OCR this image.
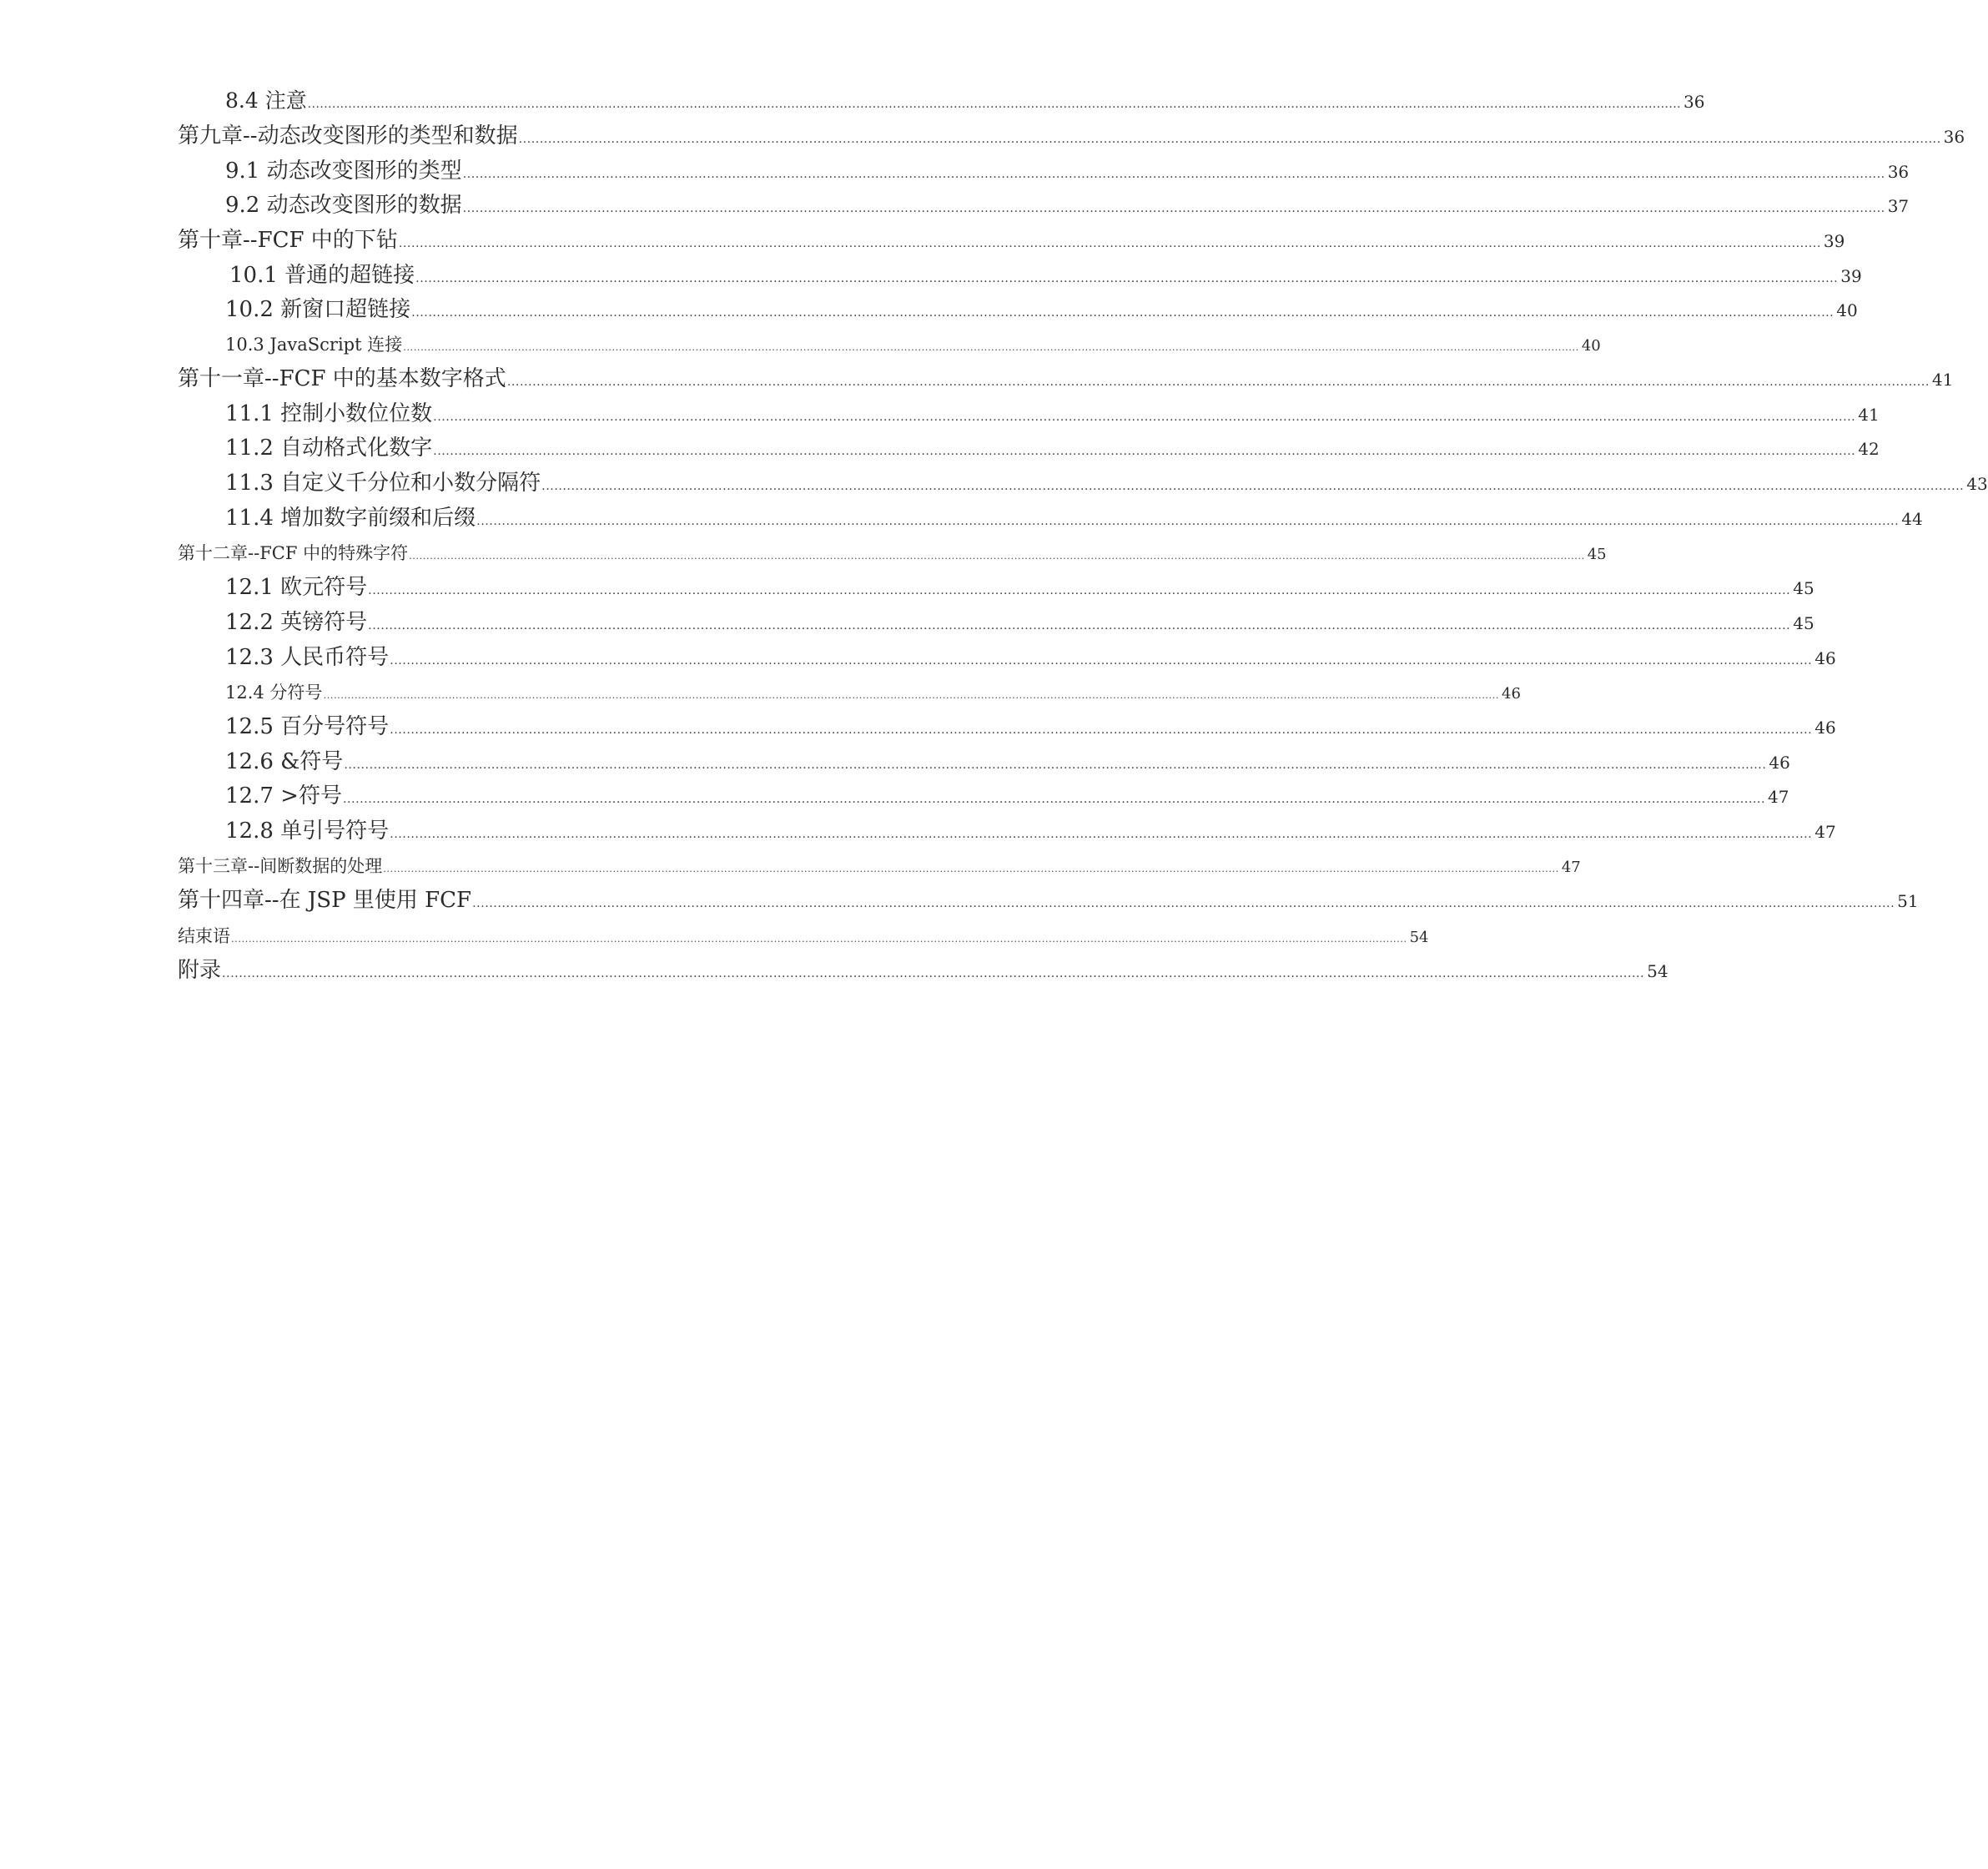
8.4 注意 .................................................................................................................................................................................................................................................................................................................................................. 36
第九章--动态改变图形的类型和数据 .................................................................................................................................................................................................................................................................................................................................................. 36
9.1 动态改变图形的类型 .................................................................................................................................................................................................................................................................................................................................................. 36
9.2 动态改变图形的数据 .................................................................................................................................................................................................................................................................................................................................................. 37
第十章--FCF 中的下钻 .................................................................................................................................................................................................................................................................................................................................................. 39
10.1 普通的超链接 .................................................................................................................................................................................................................................................................................................................................................. 39
10.2 新窗口超链接 .................................................................................................................................................................................................................................................................................................................................................. 40
10.3 JavaScript 连接 .................................................................................................................................................................................................................................................................................................................................................. 40
第十一章--FCF 中的基本数字格式 .................................................................................................................................................................................................................................................................................................................................................. 41
11.1 控制小数位位数 .................................................................................................................................................................................................................................................................................................................................................. 41
11.2 自动格式化数字 .................................................................................................................................................................................................................................................................................................................................................. 42
11.3 自定义千分位和小数分隔符 .................................................................................................................................................................................................................................................................................................................................................. 43
11.4 增加数字前缀和后缀 .................................................................................................................................................................................................................................................................................................................................................. 44
第十二章--FCF 中的特殊字符 .................................................................................................................................................................................................................................................................................................................................................. 45
12.1 欧元符号 .................................................................................................................................................................................................................................................................................................................................................. 45
12.2 英镑符号 .................................................................................................................................................................................................................................................................................................................................................. 45
12.3 人民币符号 .................................................................................................................................................................................................................................................................................................................................................. 46
12.4 分符号 .................................................................................................................................................................................................................................................................................................................................................. 46
12.5 百分号符号 .................................................................................................................................................................................................................................................................................................................................................. 46
12.6 &符号 .................................................................................................................................................................................................................................................................................................................................................. 46
12.7 >符号 .................................................................................................................................................................................................................................................................................................................................................. 47
12.8 单引号符号 .................................................................................................................................................................................................................................................................................................................................................. 47
第十三章--间断数据的处理 .................................................................................................................................................................................................................................................................................................................................................. 47
第十四章--在 JSP 里使用 FCF .................................................................................................................................................................................................................................................................................................................................................. 51
结束语 .................................................................................................................................................................................................................................................................................................................................................. 54
附录 .................................................................................................................................................................................................................................................................................................................................................. 54
